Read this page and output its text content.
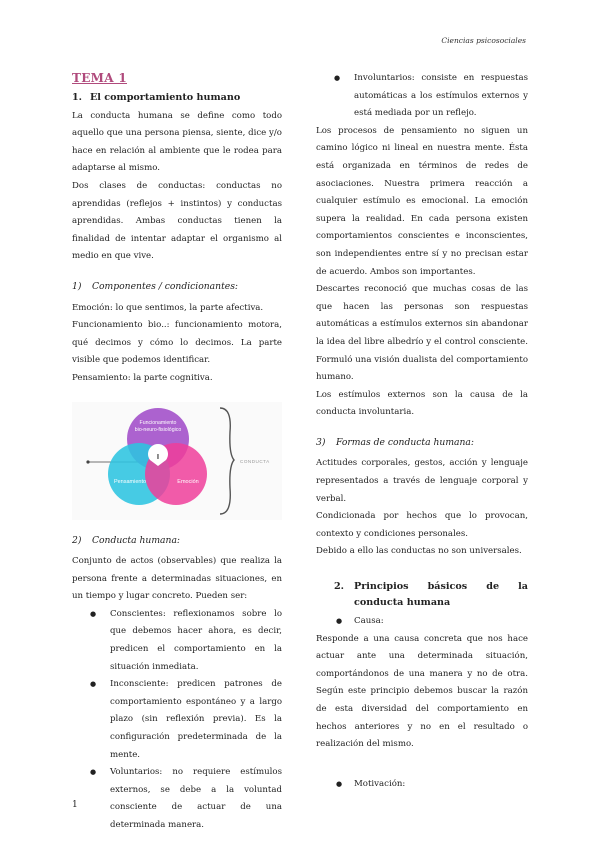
Ciencias psicosociales
TEMA 1
1. El comportamiento humano

La conducta humana se define como todo aquello que una persona piensa, siente, dice y/o hace en relación al ambiente que le rodea para adaptarse al mismo.

Dos clases de conductas: conductas no aprendidas (reflejos + instintos) y conductas aprendidas. Ambas conductas tienen la finalidad de intentar adaptar el organismo al medio en que vive.

1) Componentes / condicionantes:

Emoción: lo que sentimos, la parte afectiva.

Funcionamiento bio..: funcionamiento motora, qué decimos y cómo lo decimos. La parte visible que podemos identificar.

Pensamiento: la parte cognitiva.

I
Funcionamiento
bio-neuro-fisiológico
Pensamiento	Emoción
CONDUCTA
2) Conducta humana:

Conjunto de actos (observables) que realiza la persona frente a determinadas situaciones, en un tiempo y lugar concreto. Pueden ser:

● Conscientes: reflexionamos sobre lo que debemos hacer ahora, es decir, predicen el comportamiento en la situación inmediata.
● Inconsciente: predicen patrones de comportamiento espontáneo y a largo plazo (sin reflexión previa). Es la configuración predeterminada de la mente.
● Voluntarios: no requiere estímulos externos, se debe a la voluntad consciente de actuar de una determinada manera.
● Involuntarios: consiste en respuestas automáticas a los estímulos externos y está mediada por un reflejo.

Los procesos de pensamiento no siguen un camino lógico ni lineal en nuestra mente. Ésta está organizada en términos de redes de asociaciones. Nuestra primera reacción a cualquier estímulo es emocional. La emoción supera la realidad. En cada persona existen comportamientos conscientes e inconscientes, son independientes entre sí y no precisan estar de acuerdo. Ambos son importantes.

Descartes reconoció que muchas cosas de las que hacen las personas son respuestas automáticas a estímulos externos sin abandonar la idea del libre albedrío y el control consciente. Formuló una visión dualista del comportamiento humano.

Los estímulos externos son la causa de la conducta involuntaria.

3) Formas de conducta humana:

Actitudes corporales, gestos, acción y lenguaje representados a través de lenguaje corporal y verbal.

Condicionada por hechos que lo provocan, contexto y condiciones personales.

Debido a ello las conductas no son universales.

2. Principios básicos de la conducta humana
● Causa:

Responde a una causa concreta que nos hace actuar ante una determinada situación, comportándonos de una manera y no de otra. Según este principio debemos buscar la razón de esta diversidad del comportamiento en hechos anteriores y no en el resultado o realización del mismo.

● Motivación:
1
